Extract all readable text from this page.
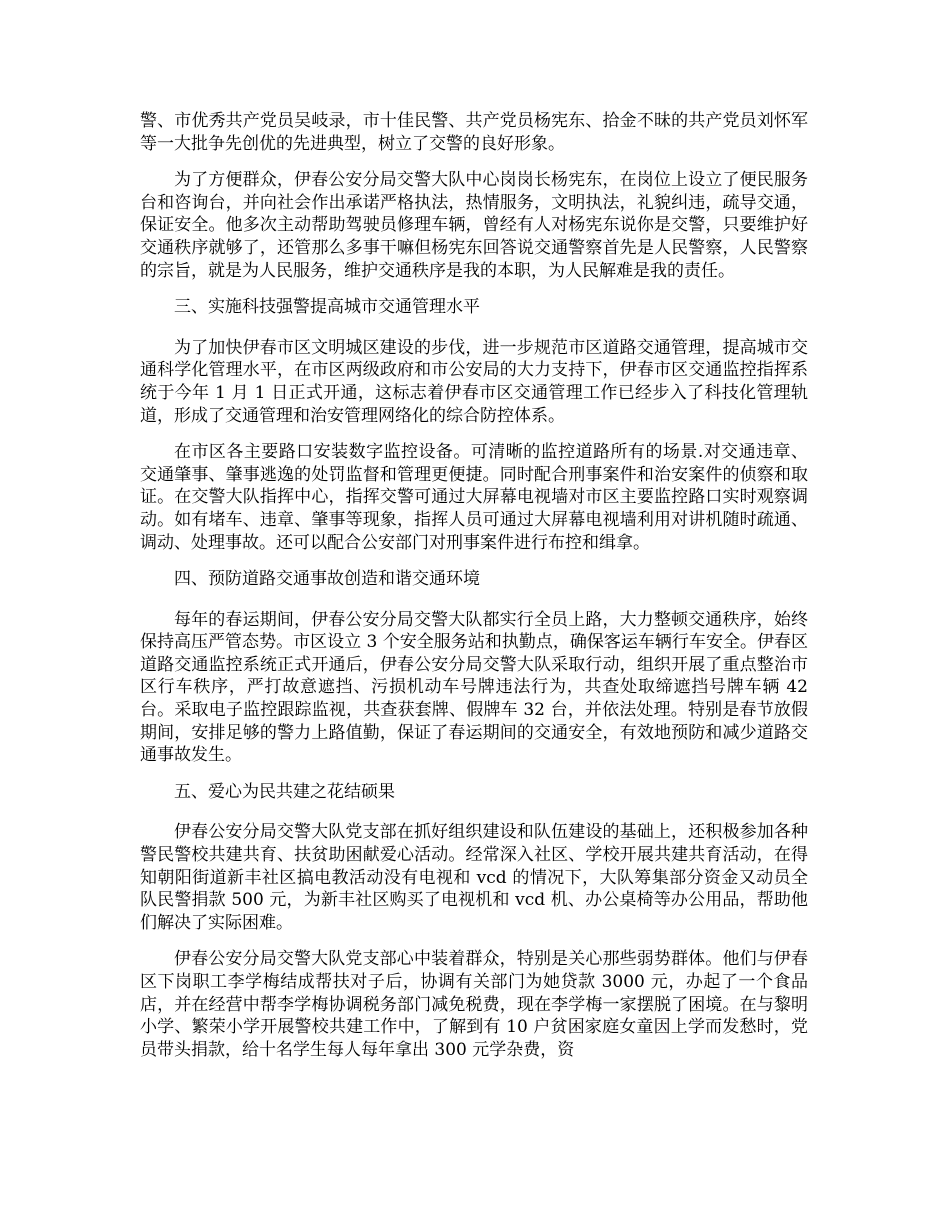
警、市优秀共产党员吴岐录，市十佳民警、共产党员杨宪东、拾金不昧的共产党员刘怀军等一大批争先创优的先进典型，树立了交警的良好形象。

为了方便群众，伊春公安分局交警大队中心岗岗长杨宪东，在岗位上设立了便民服务台和咨询台，并向社会作出承诺严格执法，热情服务，文明执法，礼貌纠违，疏导交通，保证安全。他多次主动帮助驾驶员修理车辆，曾经有人对杨宪东说你是交警，只要维护好交通秩序就够了，还管那么多事干嘛但杨宪东回答说交通警察首先是人民警察，人民警察的宗旨，就是为人民服务，维护交通秩序是我的本职，为人民解难是我的责任。

三、实施科技强警提高城市交通管理水平

为了加快伊春市区文明城区建设的步伐，进一步规范市区道路交通管理，提高城市交通科学化管理水平，在市区两级政府和市公安局的大力支持下，伊春市区交通监控指挥系统于今年 1 月 1 日正式开通，这标志着伊春市区交通管理工作已经步入了科技化管理轨道，形成了交通管理和治安管理网络化的综合防控体系。

在市区各主要路口安装数字监控设备。可清晰的监控道路所有的场景.对交通违章、交通肇事、肇事逃逸的处罚监督和管理更便捷。同时配合刑事案件和治安案件的侦察和取证。在交警大队指挥中心，指挥交警可通过大屏幕电视墙对市区主要监控路口实时观察调动。如有堵车、违章、肇事等现象，指挥人员可通过大屏幕电视墙利用对讲机随时疏通、调动、处理事故。还可以配合公安部门对刑事案件进行布控和缉拿。

四、预防道路交通事故创造和谐交通环境

每年的春运期间，伊春公安分局交警大队都实行全员上路，大力整顿交通秩序，始终保持高压严管态势。市区设立 3 个安全服务站和执勤点，确保客运车辆行车安全。伊春区道路交通监控系统正式开通后，伊春公安分局交警大队采取行动，组织开展了重点整治市区行车秩序，严打故意遮挡、污损机动车号牌违法行为，共查处取缔遮挡号牌车辆 42 台。采取电子监控跟踪监视，共查获套牌、假牌车 32 台，并依法处理。特别是春节放假期间，安排足够的警力上路值勤，保证了春运期间的交通安全，有效地预防和减少道路交通事故发生。

五、爱心为民共建之花结硕果

伊春公安分局交警大队党支部在抓好组织建设和队伍建设的基础上，还积极参加各种警民警校共建共育、扶贫助困献爱心活动。经常深入社区、学校开展共建共育活动，在得知朝阳街道新丰社区搞电教活动没有电视和 vcd 的情况下，大队筹集部分资金又动员全队民警捐款 500 元，为新丰社区购买了电视机和 vcd 机、办公桌椅等办公用品，帮助他们解决了实际困难。

伊春公安分局交警大队党支部心中装着群众，特别是关心那些弱势群体。他们与伊春区下岗职工李学梅结成帮扶对子后，协调有关部门为她贷款 3000 元，办起了一个食品店，并在经营中帮李学梅协调税务部门减免税费，现在李学梅一家摆脱了困境。在与黎明小学、繁荣小学开展警校共建工作中，了解到有 10 户贫困家庭女童因上学而发愁时，党员带头捐款，给十名学生每人每年拿出 300 元学杂费，资
